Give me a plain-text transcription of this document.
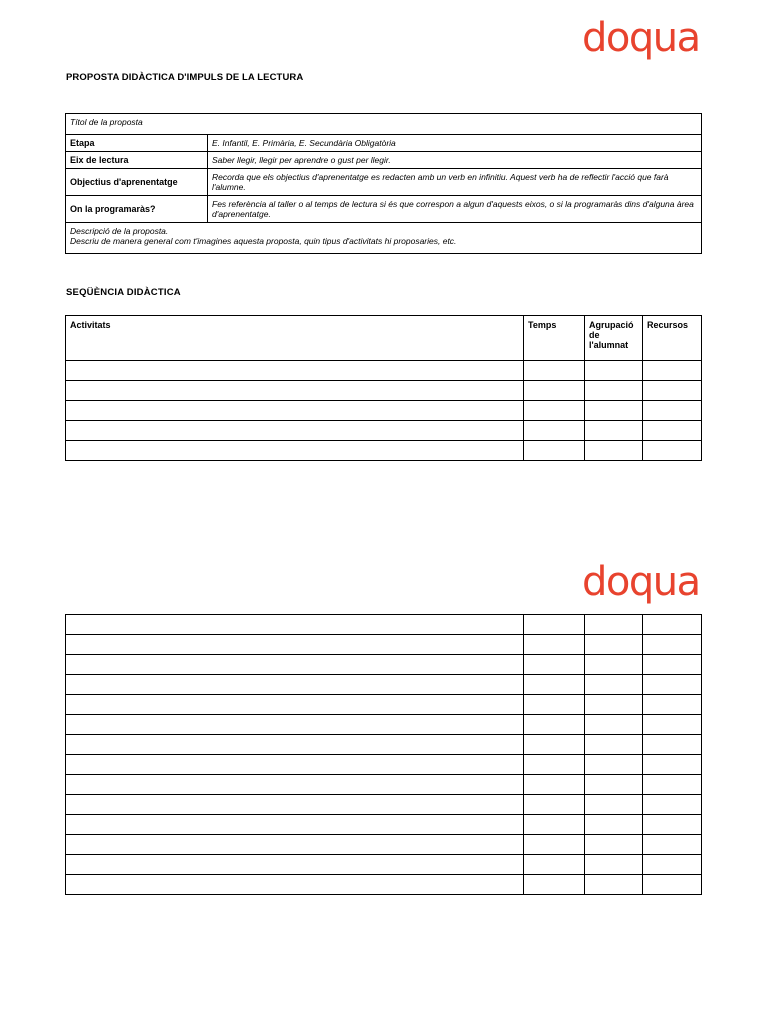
doqua
PROPOSTA DIDÀCTICA D'IMPULS DE LA LECTURA
Títol de la proposta	
Etapa	E. Infantil, E. Primària, E. Secundària Obligatòria
Eix de lectura	Saber llegir, llegir per aprendre o gust per llegir.
Objectius d'aprenentatge	Recorda que els objectius d'aprenentatge es redacten amb un verb en infinitiu. Aquest verb ha de reflectir l'acció que farà l'alumne.
On la programaràs?	Fes referència al taller o al temps de lectura si és que correspon a algun d'aquests eixos, o si la programaràs dins d'alguna àrea d'aprenentatge.

Descripció de la proposta.
Descriu de manera general com t'imagines aquesta proposta, quin tipus d'activitats hi proposaries, etc.	
SEQÜÈNCIA DIDÀCTICA
Activitats	Temps	Agrupació de l'alumnat	Recursos

doqua
